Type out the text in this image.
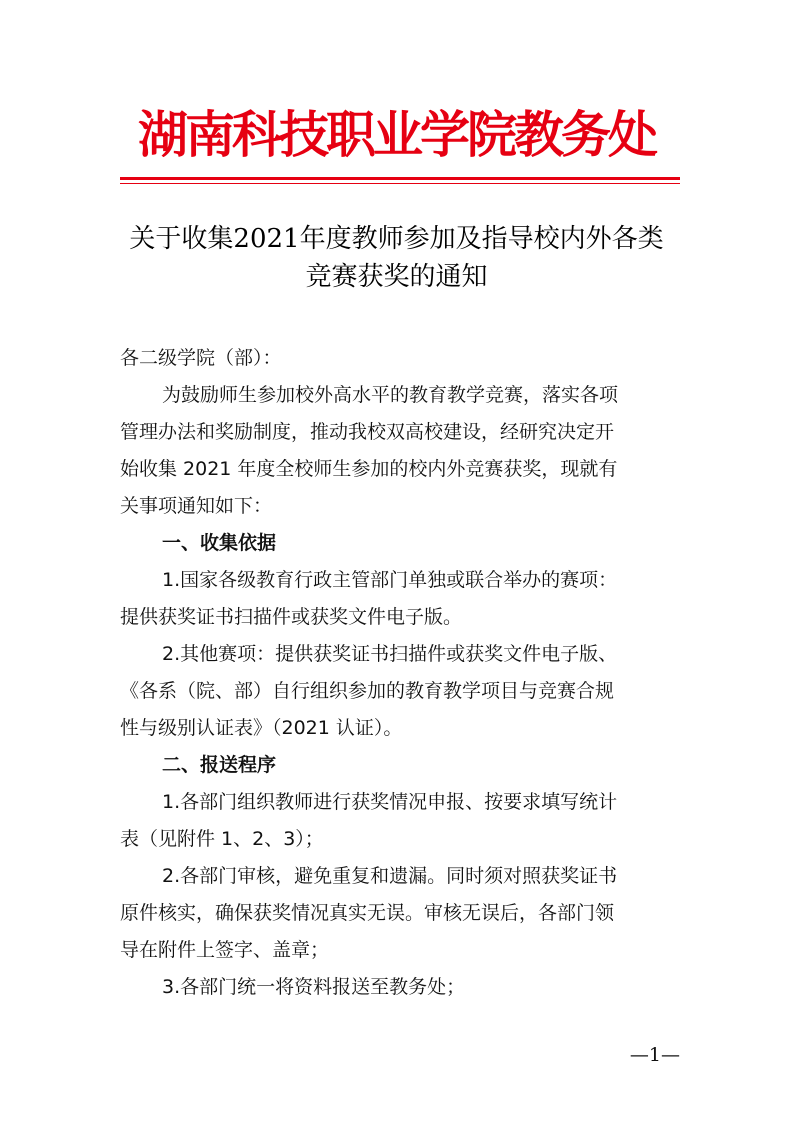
湖南科技职业学院教务处
关于收集2021年度教师参加及指导校内外各类
竞赛获奖的通知
各二级学院（部）：
为鼓励师生参加校外高水平的教育教学竞赛，落实各项
管理办法和奖励制度，推动我校双高校建设，经研究决定开
始收集 2021 年度全校师生参加的校内外竞赛获奖，现就有
关事项通知如下：
一、收集依据
1.国家各级教育行政主管部门单独或联合举办的赛项：
提供获奖证书扫描件或获奖文件电子版。
2.其他赛项：提供获奖证书扫描件或获奖文件电子版、
《各系（院、部）自行组织参加的教育教学项目与竞赛合规
性与级别认证表》（2021 认证）。
二、报送程序
1.各部门组织教师进行获奖情况申报、按要求填写统计
表（见附件 1、2、3）；
2.各部门审核，避免重复和遗漏。同时须对照获奖证书
原件核实，确保获奖情况真实无误。审核无误后，各部门领
导在附件上签字、盖章；
3.各部门统一将资料报送至教务处；
—1—
